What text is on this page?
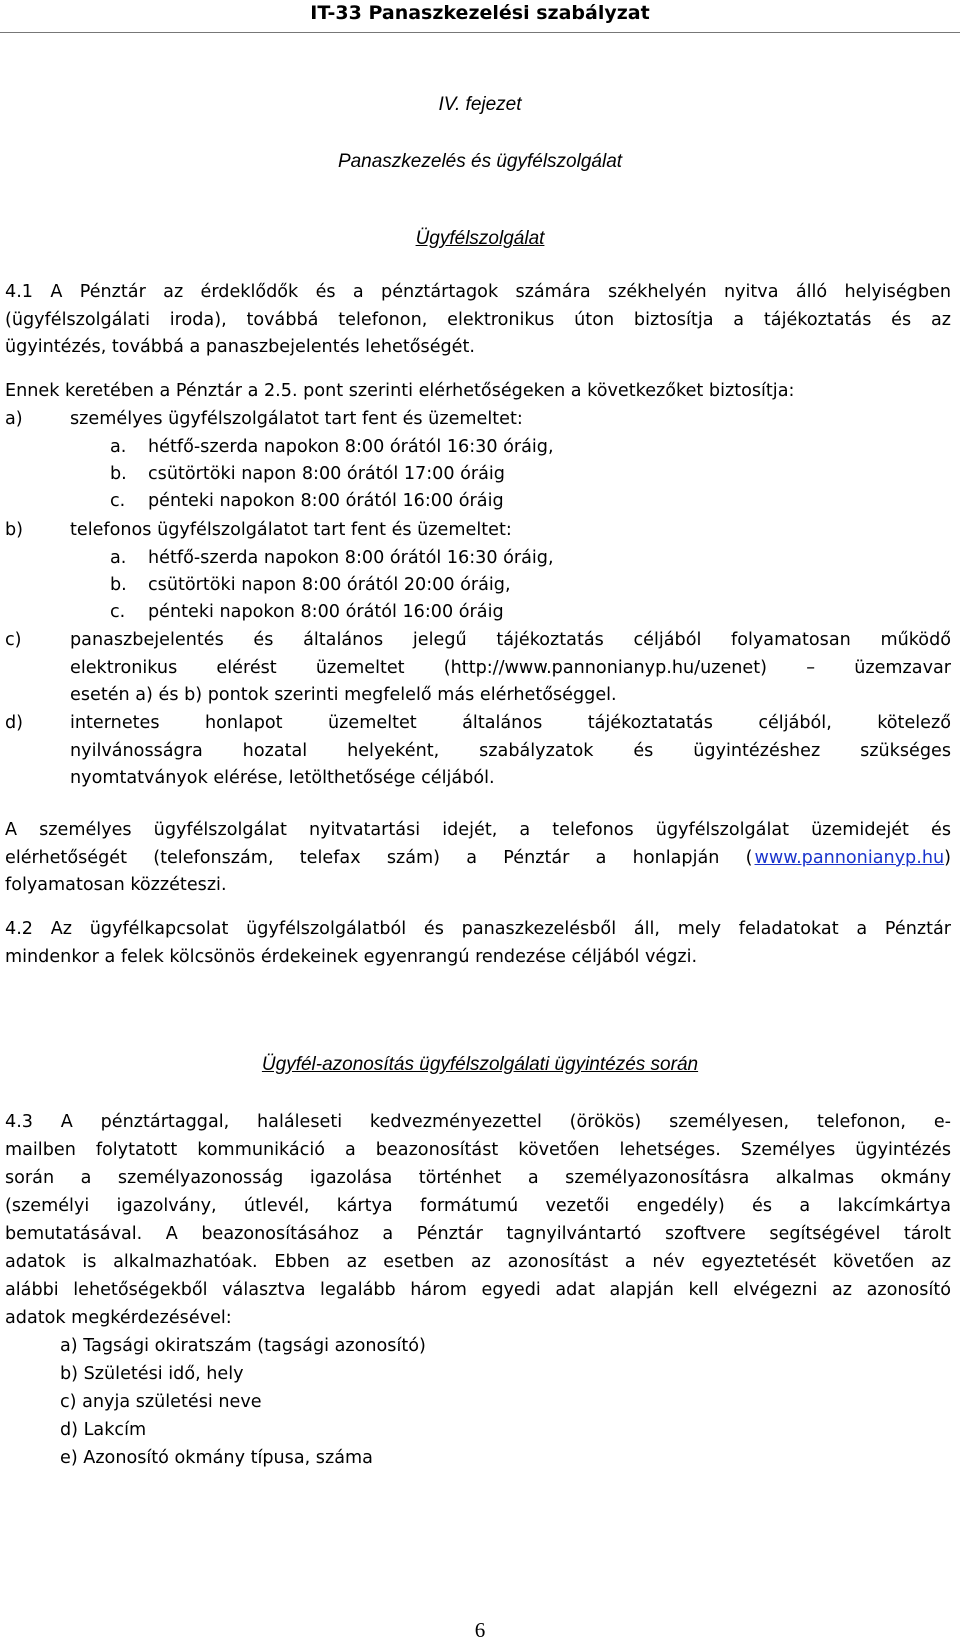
IT-33 Panaszkezelési szabályzat
IV. fejezet
Panaszkezelés és ügyfélszolgálat
Ügyfélszolgálat
4.1 A Pénztár az érdeklődők és a pénztártagok számára székhelyén nyitva álló helyiségben
(ügyfélszolgálati iroda), továbbá telefonon, elektronikus úton biztosítja a tájékoztatás és az
ügyintézés, továbbá a panaszbejelentés lehetőségét.
Ennek keretében a Pénztár a 2.5. pont szerinti elérhetőségeken a következőket biztosítja:
a)	személyes ügyfélszolgálatot tart fent és üzemeltet:
a. hétfő-szerda napokon 8:00 órától 16:30 óráig,
b. csütörtöki napon 8:00 órától 17:00 óráig
c. pénteki napokon 8:00 órától 16:00 óráig
b)	telefonos ügyfélszolgálatot tart fent és üzemeltet:
a. hétfő-szerda napokon 8:00 órától 16:30 óráig,
b. csütörtöki napon 8:00 órától 20:00 óráig,
c. pénteki napokon 8:00 órától 16:00 óráig
c)	panaszbejelentés és általános jelegű tájékoztatás céljából folyamatosan működő
elektronikus elérést üzemeltet (http://www.pannonianyp.hu/uzenet) – üzemzavar
esetén a) és b) pontok szerinti megfelelő más elérhetőséggel.
d)	internetes honlapot üzemeltet általános tájékoztatatás céljából, kötelező
nyilvánosságra hozatal helyeként, szabályzatok és ügyintézéshez szükséges
nyomtatványok elérése, letölthetősége céljából.
A személyes ügyfélszolgálat nyitvatartási idejét, a telefonos ügyfélszolgálat üzemidejét és
elérhetőségét (telefonszám, telefax szám) a Pénztár a honlapján ( www.pannonianyp.hu)
folyamatosan közzéteszi.
4.2 Az ügyfélkapcsolat ügyfélszolgálatból és panaszkezelésből áll, mely feladatokat a Pénztár
mindenkor a felek kölcsönös érdekeinek egyenrangú rendezése céljából végzi.
Ügyfél-azonosítás ügyfélszolgálati ügyintézés során
4.3 A pénztártaggal, haláleseti kedvezményezettel (örökös) személyesen, telefonon, e-
mailben folytatott kommunikáció a beazonosítást követően lehetséges. Személyes ügyintézés
során a személyazonosság igazolása történhet a személyazonosításra alkalmas okmány
(személyi igazolvány, útlevél, kártya formátumú vezetői engedély) és a lakcímkártya
bemutatásával. A beazonosításához a Pénztár tagnyilvántartó szoftvere segítségével tárolt
adatok is alkalmazhatóak. Ebben az esetben az azonosítást a név egyeztetését követően az
alábbi lehetőségekből választva legalább három egyedi adat alapján kell elvégezni az azonosító
adatok megkérdezésével:
a) Tagsági okiratszám (tagsági azonosító)
b) Születési idő, hely
c) anyja születési neve
d) Lakcím
e) Azonosító okmány típusa, száma
6
